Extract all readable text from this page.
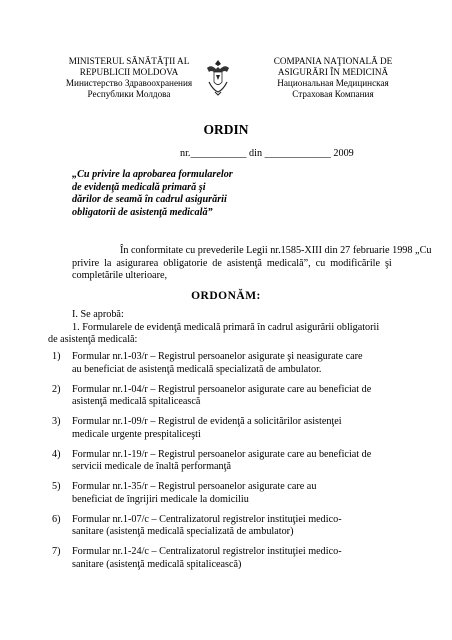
MINISTERUL SĂNĂTĂŢII AL
REPUBLICII MOLDOVA
Министерство Здравоохранения
Республики Молдова
COMPANIA NAŢIONALĂ DE
ASIGURĂRI ÎN MEDICINĂ
Национальная Медицинская
Страховая Компания
ORDIN
nr.___________ din _____________ 2009
„Cu privire la aprobarea formularelor
de evidenţă medicală primară şi
dărilor de seamă în cadrul asigurării
obligatorii de asistenţă medicală”
În conformitate cu prevederile Legii nr.1585-XIII din 27 februarie 1998 „Cu
privire la asigurarea obligatorie de asistenţă medicală”, cu modificările şi
completările ulterioare,
ORDONĂM:
I. Se aprobă:
1. Formularele de evidenţă medicală primară în cadrul asigurării obligatorii
de asistenţă medicală:
1) Formular nr.1-03/r – Registrul persoanelor asigurate şi neasigurate care
au beneficiat de asistenţă medicală specializată de ambulator.
2) Formular nr.1-04/r – Registrul persoanelor asigurate care au beneficiat de
asistenţă medicală spitalicească
3) Formular nr.1-09/r – Registrul de evidenţă a solicitărilor asistenţei
medicale urgente prespitaliceşti
4) Formular nr.1-19/r – Registrul persoanelor asigurate care au beneficiat de
servicii medicale de înaltă performanţă
5) Formular nr.1-35/r – Registrul persoanelor asigurate care au
beneficiat de îngrijiri medicale la domiciliu
6) Formular nr.1-07/c – Centralizatorul registrelor instituţiei medico-
sanitare (asistenţă medicală specializată de ambulator)
7) Formular nr.1-24/c – Centralizatorul registrelor instituţiei medico-
sanitare (asistenţă medicală spitalicească)
